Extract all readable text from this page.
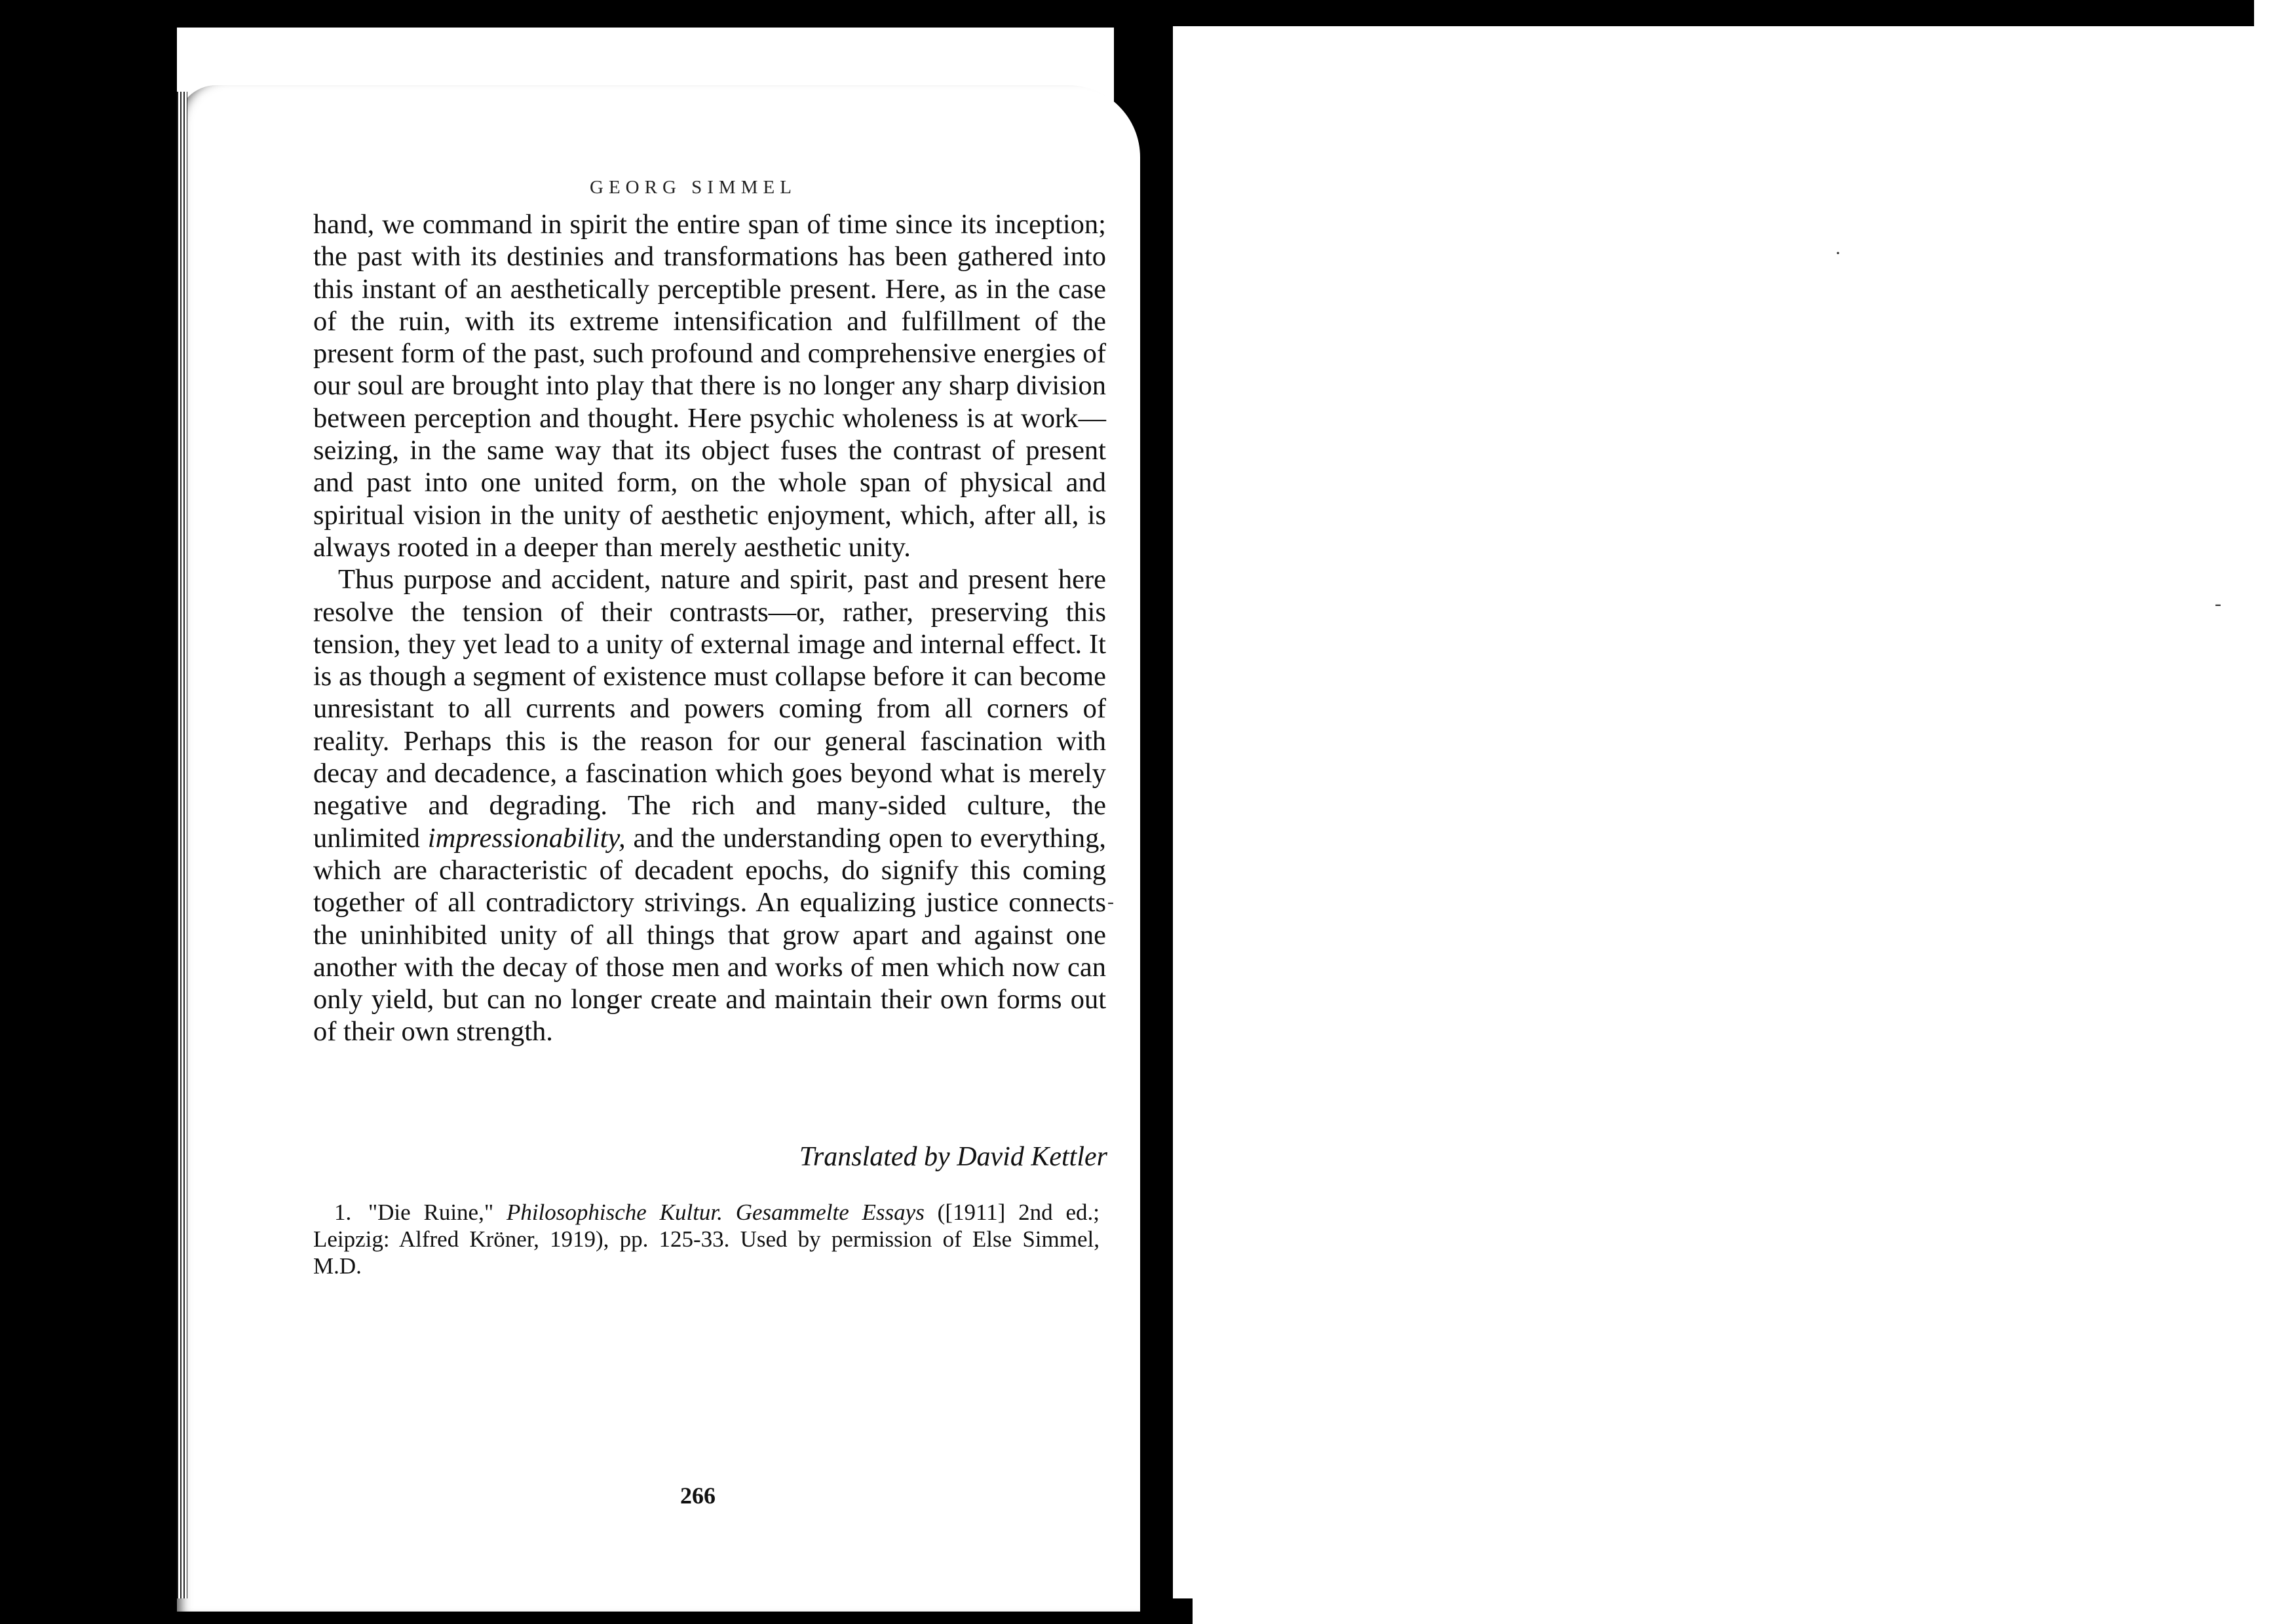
GEORG SIMMEL

hand, we command in spirit the entire span of time since its inception; the past with its destinies and transformations has been gathered into this instant of an aesthetically perceptible present. Here, as in the case of the ruin, with its extreme intensification and fulfillment of the present form of the past, such profound and comprehensive energies of our soul are brought into play that there is no longer any sharp division between perception and thought. Here psychic wholeness is at work—seizing, in the same way that its object fuses the contrast of present and past into one united form, on the whole span of physical and spiritual vision in the unity of aesthetic enjoyment, which, after all, is always rooted in a deeper than merely aesthetic unity.

Thus purpose and accident, nature and spirit, past and present here resolve the tension of their contrasts—or, rather, preserving this tension, they yet lead to a unity of external image and internal effect. It is as though a segment of existence must collapse before it can become unresistant to all currents and powers coming from all corners of reality. Perhaps this is the reason for our general fascination with decay and decadence, a fascination which goes beyond what is merely negative and degrading. The rich and many-sided culture, the unlimited impressionability, and the understanding open to everything, which are characteristic of decadent epochs, do signify this coming together of all contradictory strivings. An equalizing justice connects the uninhibited unity of all things that grow apart and against one another with the decay of those men and works of men which now can only yield, but can no longer create and maintain their own forms out of their own strength.

Translated by David Kettler
1. "Die Ruine," Philosophische Kultur. Gesammelte Essays ([1911] 2nd ed.; Leipzig: Alfred Kröner, 1919), pp. 125-33. Used by permission of Else Simmel, M.D.
266
-
·
-
